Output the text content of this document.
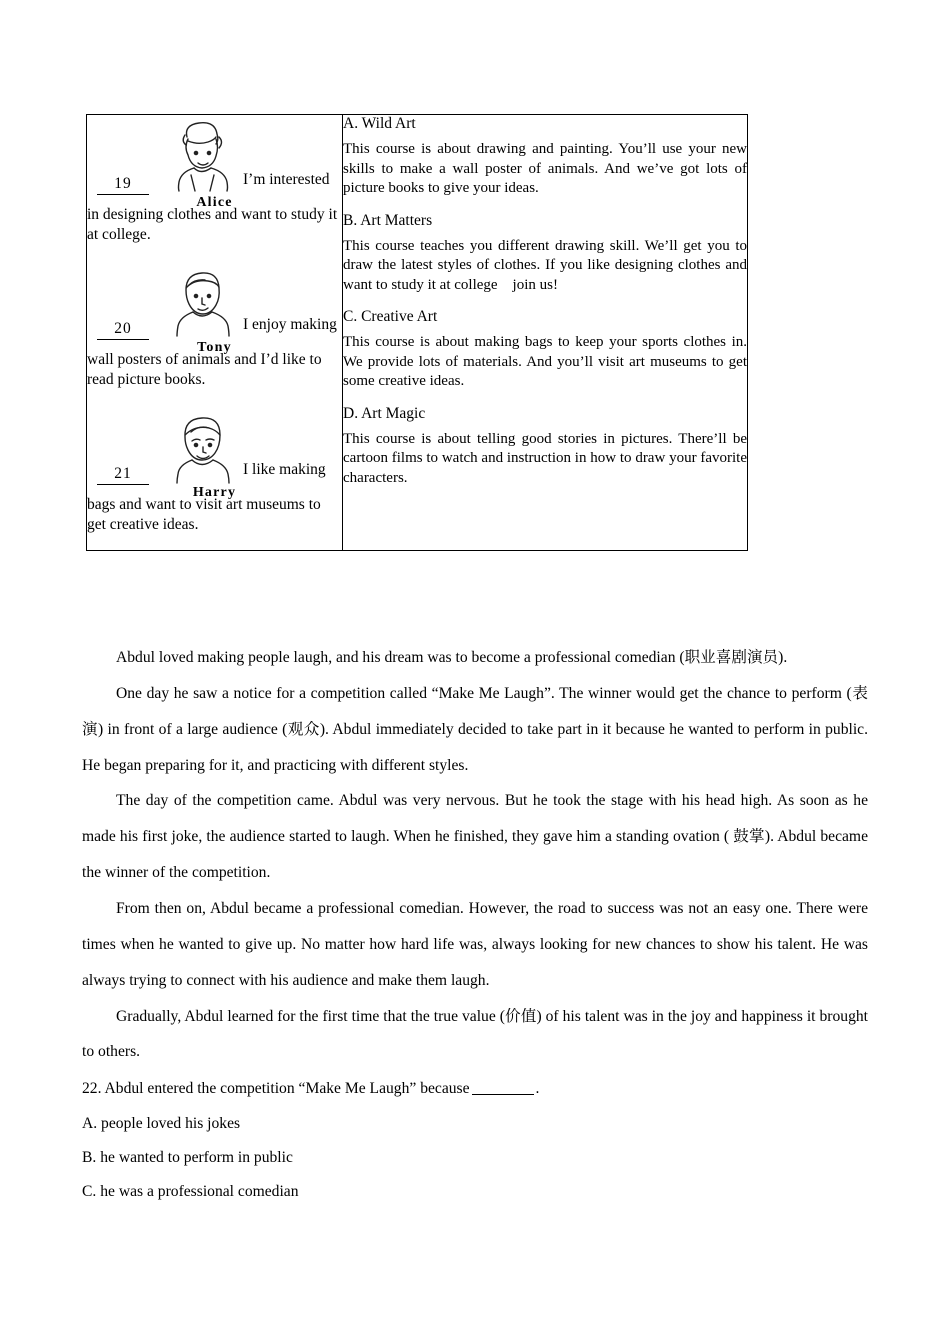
19
Alice
I’m interested
in designing clothes and want to study it at college.
20
Tony
I enjoy making
wall posters of animals and I’d like to read picture books.
21
Harry
I like making
bags and want to visit art museums to get creative ideas.

A. Wild Art

This course is about drawing and painting. You’ll use your new skills to make a wall poster of animals. And we’ve got lots of picture books to give your ideas.

B. Art Matters

This course teaches you different drawing skill. We’ll get you to draw the latest styles of clothes. If you like designing clothes and want to study it at college　join us!

C. Creative Art

This course is about making bags to keep your sports clothes in. We provide lots of materials. And you’ll visit art museums to get some creative ideas.

D. Art Magic

This course is about telling good stories in pictures. There’ll be cartoon films to watch and instruction in how to draw your favorite characters.

Abdul loved making people laugh, and his dream was to become a professional comedian (职业喜剧演员).

One day he saw a notice for a competition called “Make Me Laugh”. The winner would get the chance to perform (表演) in front of a large audience (观众). Abdul immediately decided to take part in it because he wanted to perform in public. He began preparing for it, and practicing with different styles.

The day of the competition came. Abdul was very nervous. But he took the stage with his head high. As soon as he made his first joke, the audience started to laugh. When he finished, they gave him a standing ovation ( 鼓掌). Abdul became the winner of the competition.

From then on, Abdul became a professional comedian. However, the road to success was not an easy one. There were times when he wanted to give up. No matter how hard life was, always looking for new chances to show his talent. He was always trying to connect with his audience and make them laugh.

Gradually, Abdul learned for the first time that the true value (价值) of his talent was in the joy and happiness it brought to others.

22. Abdul entered the competition “Make Me Laugh” because	.
A. people loved his jokes
B. he wanted to perform in public
C. he was a professional comedian
